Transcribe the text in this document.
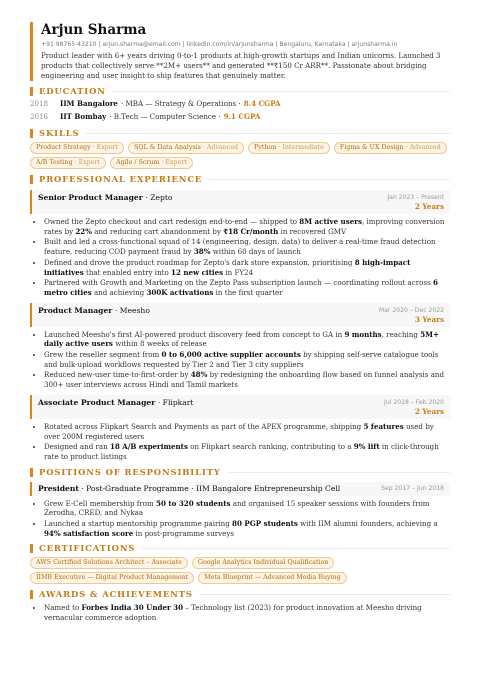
Arjun Sharma
+91 98765 43210 | arjun.sharma@email.com | linkedin.com/in/arjunsharma | Bengaluru, Karnataka | arjunsharma.in
Product leader with 6+ years driving 0-to-1 products at high-growth startups and Indian unicorns. Launched 3 products that collectively serve **2M+ users** and generated **₹150 Cr ARR**. Passionate about bridging engineering and user insight to ship features that genuinely matter.
EDUCATION
2018	IIM Bangalore · MBA — Strategy & Operations · 8.4 CGPA
2016	IIT Bombay · B.Tech — Computer Science · 9.1 CGPA
SKILLS
Product Strategy · Expert	SQL & Data Analysis · Advanced	Python · Intermediate	Figma & UX Design · Advanced
A/B Testing · Expert	Agile / Scrum · Expert
PROFESSIONAL EXPERIENCE
Senior Product Manager · Zepto	Jan 2023 – Present
2 Years
• Owned the Zepto checkout and cart redesign end-to-end — shipped to 8M active users, improving conversion rates by 22% and reducing cart abandonment by ₹18 Cr/month in recovered GMV
• Built and led a cross-functional squad of 14 (engineering, design, data) to deliver a real-time fraud detection feature, reducing COD payment fraud by 38% within 60 days of launch
• Defined and drove the product roadmap for Zepto's dark store expansion, prioritising 8 high-impact initiatives that enabled entry into 12 new cities in FY24
• Partnered with Growth and Marketing on the Zepto Pass subscription launch — coordinating rollout across 6 metro cities and achieving 300K activations in the first quarter
Product Manager · Meesho	Mar 2020 – Dec 2022
3 Years
• Launched Meesho's first AI-powered product discovery feed from concept to GA in 9 months, reaching 5M+ daily active users within 8 weeks of release
• Grew the reseller segment from 0 to 6,000 active supplier accounts by shipping self-serve catalogue tools and bulk-upload workflows requested by Tier 2 and Tier 3 city suppliers
• Reduced new-user time-to-first-order by 48% by redesigning the onboarding flow based on funnel analysis and 300+ user interviews across Hindi and Tamil markets
Associate Product Manager · Flipkart	Jul 2018 – Feb 2020
2 Years
• Rotated across Flipkart Search and Payments as part of the APEX programme, shipping 5 features used by over 200M registered users
• Designed and ran 18 A/B experiments on Flipkart search ranking, contributing to a 9% lift in click-through rate to product listings
POSITIONS OF RESPONSIBILITY
President · Post-Graduate Programme · IIM Bangalore Entrepreneurship Cell	Sep 2017 – Jun 2018
• Grew E-Cell membership from 50 to 320 students and organised 15 speaker sessions with founders from Zerodha, CRED, and Nykaa
• Launched a startup mentorship programme pairing 80 PGP students with IIM alumni founders, achieving a 94% satisfaction score in post-programme surveys
CERTIFICATIONS
AWS Certified Solutions Architect – Associate	Google Analytics Individual Qualification
IIMB Executive — Digital Product Management	Meta Blueprint — Advanced Media Buying
AWARDS & ACHIEVEMENTS
• Named to Forbes India 30 Under 30 – Technology list (2023) for product innovation at Meesho driving vernacular commerce adoption
